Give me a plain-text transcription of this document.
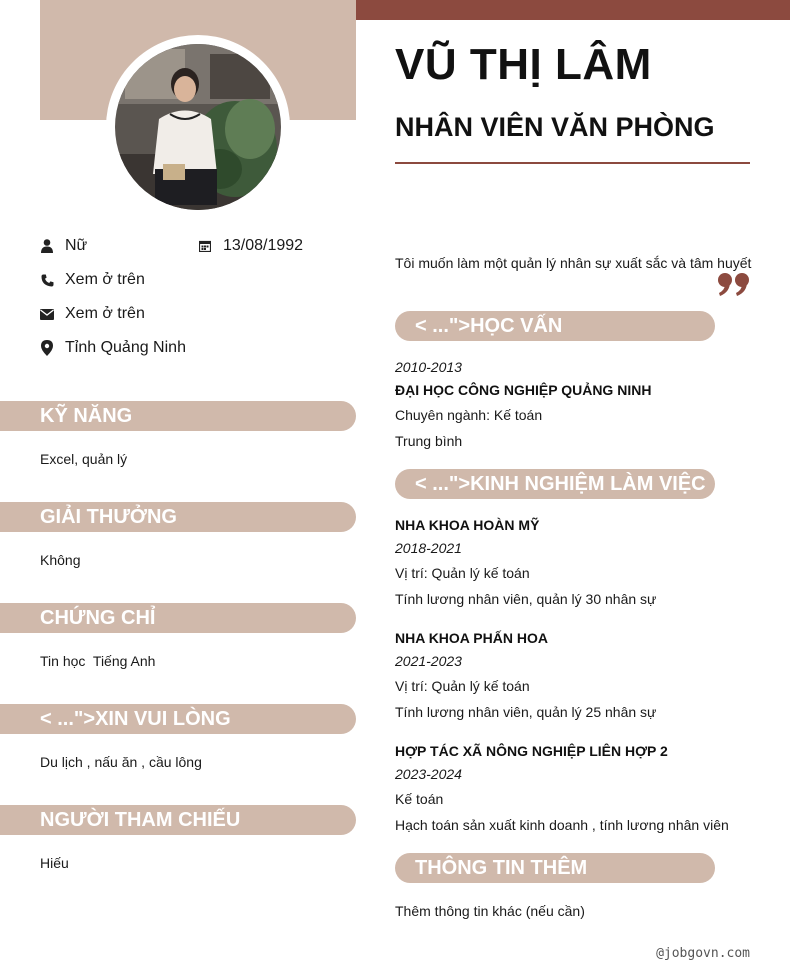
VŨ THỊ LÂM
NHÂN VIÊN VĂN PHÒNG
Nữ	13/08/1992
Xem ở trên
Xem ở trên
Tỉnh Quảng Ninh
KỸ NĂNG
Excel, quản lý
GIẢI THƯỞNG
Không
CHỨNG CHỈ
Tin học  Tiếng Anh
< ...">XIN VUI LÒNG
Du lịch , nấu ăn , cầu lông
NGƯỜI THAM CHIẾU
Hiếu
Tôi muốn làm một quản lý nhân sự xuất sắc và tâm huyết
< ...">HỌC VẤN
2010-2013
ĐẠI HỌC CÔNG NGHIỆP QUẢNG NINH
Chuyên ngành: Kế toán
Trung bình
< ...">KINH NGHIỆM LÀM VIỆC
NHA KHOA HOÀN MỸ
2018-2021
Vị trí: Quản lý kế toán
Tính lương nhân viên, quản lý 30 nhân sự
NHA KHOA PHẤN HOA
2021-2023
Vị trí: Quản lý kế toán
Tính lương nhân viên, quản lý 25 nhân sự
HỢP TÁC XÃ NÔNG NGHIỆP LIÊN HỢP 2
2023-2024
Kế toán
Hạch toán sản xuất kinh doanh , tính lương nhân viên
THÔNG TIN THÊM
Thêm thông tin khác (nếu cần)
@jobgovn.com
